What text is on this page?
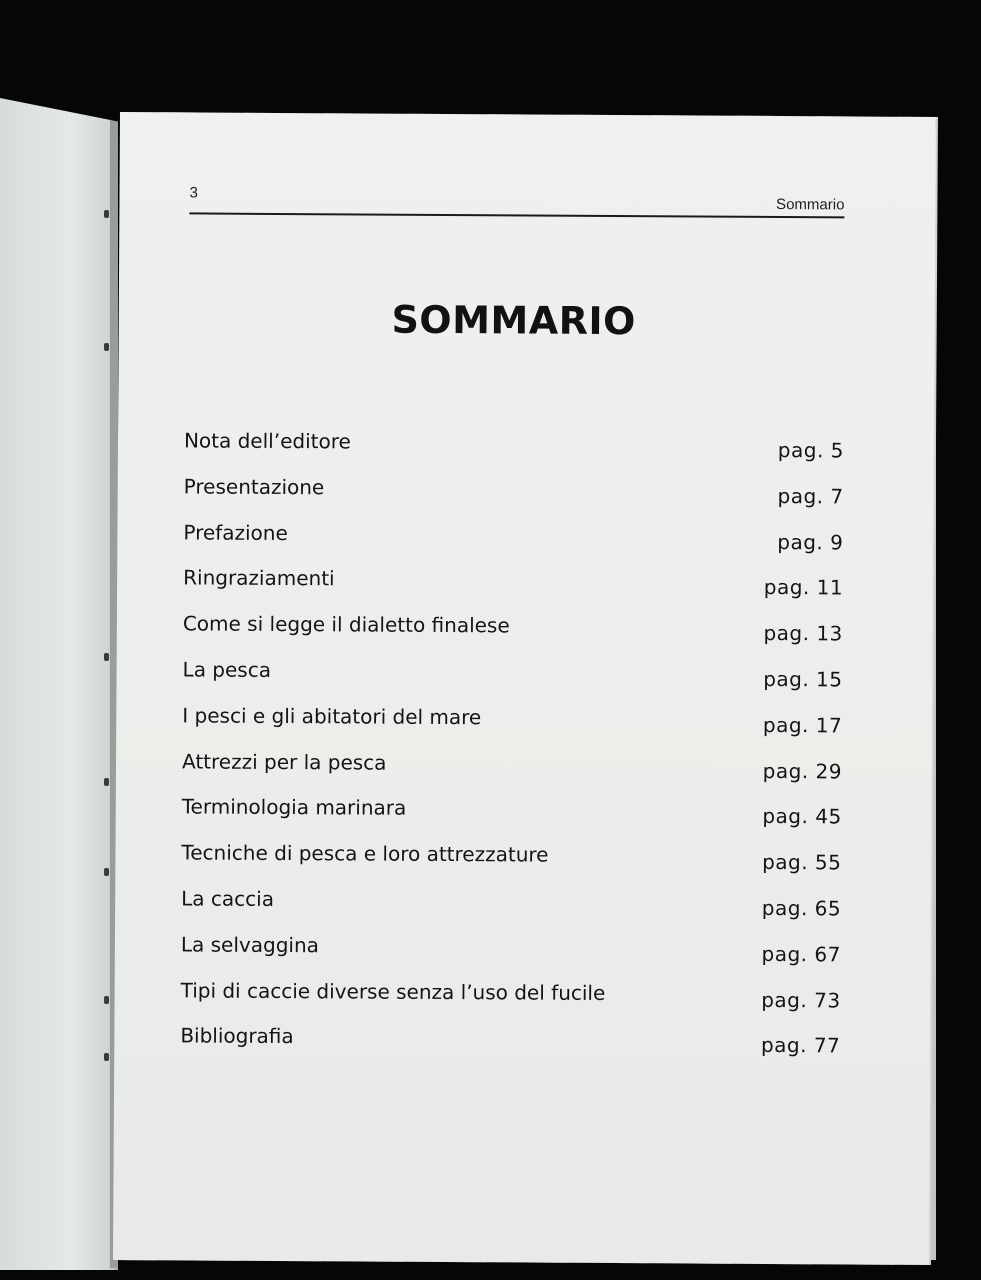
3
Sommario
SOMMARIO
Nota dell’editore	pag. 5
Presentazione	pag. 7
Prefazione	pag. 9
Ringraziamenti	pag. 11
Come si legge il dialetto finalese	pag. 13
La pesca	pag. 15
I pesci e gli abitatori del mare	pag. 17
Attrezzi per la pesca	pag. 29
Terminologia marinara	pag. 45
Tecniche di pesca e loro attrezzature	pag. 55
La caccia	pag. 65
La selvaggina	pag. 67
Tipi di caccie diverse senza l’uso del fucile	pag. 73
Bibliografia	pag. 77
